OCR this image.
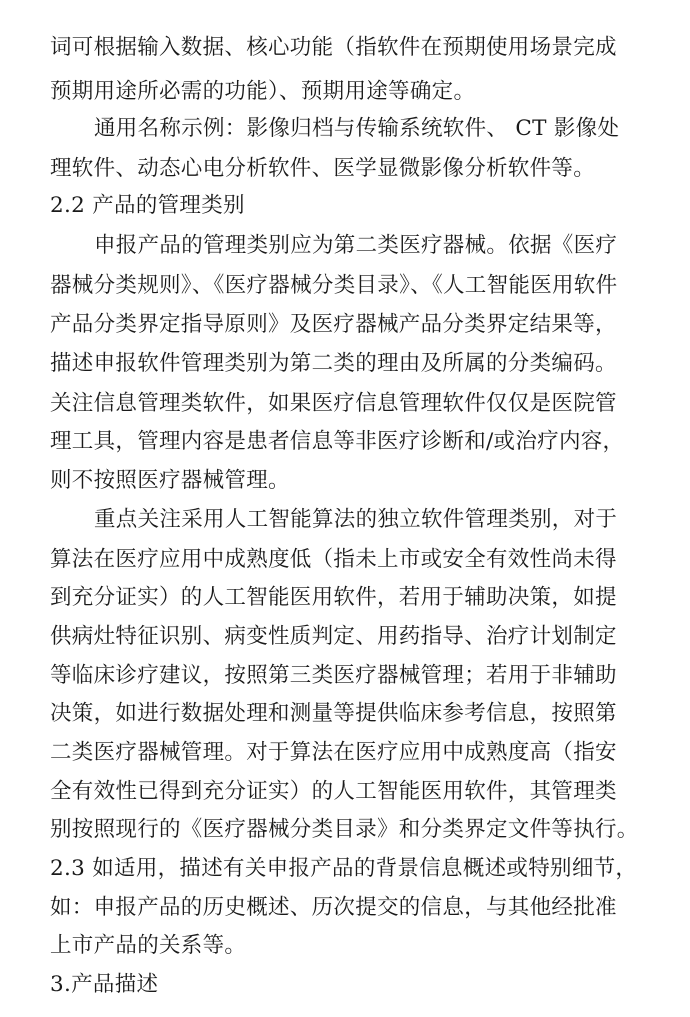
词可根据输入数据、核心功能（指软件在预期使用场景完成
预期用途所必需的功能）、预期用途等确定。
通用名称示例：影像归档与传输系统软件、 CT 影像处
理软件、动态心电分析软件、医学显微影像分析软件等。
2.2 产品的管理类别
申报产品的管理类别应为第二类医疗器械。依据《医疗
器械分类规则》、《医疗器械分类目录》、《人工智能医用软件
产品分类界定指导原则》及医疗器械产品分类界定结果等，
描述申报软件管理类别为第二类的理由及所属的分类编码。
关注信息管理类软件，如果医疗信息管理软件仅仅是医院管
理工具，管理内容是患者信息等非医疗诊断和/或治疗内容，
则不按照医疗器械管理。
重点关注采用人工智能算法的独立软件管理类别，对于
算法在医疗应用中成熟度低（指未上市或安全有效性尚未得
到充分证实）的人工智能医用软件，若用于辅助决策，如提
供病灶特征识别、病变性质判定、用药指导、治疗计划制定
等临床诊疗建议，按照第三类医疗器械管理；若用于非辅助
决策，如进行数据处理和测量等提供临床参考信息，按照第
二类医疗器械管理。对于算法在医疗应用中成熟度高（指安
全有效性已得到充分证实）的人工智能医用软件，其管理类
别按照现行的《医疗器械分类目录》和分类界定文件等执行。
2.3 如适用，描述有关申报产品的背景信息概述或特别细节，
如：申报产品的历史概述、历次提交的信息，与其他经批准
上市产品的关系等。
3.产品描述
